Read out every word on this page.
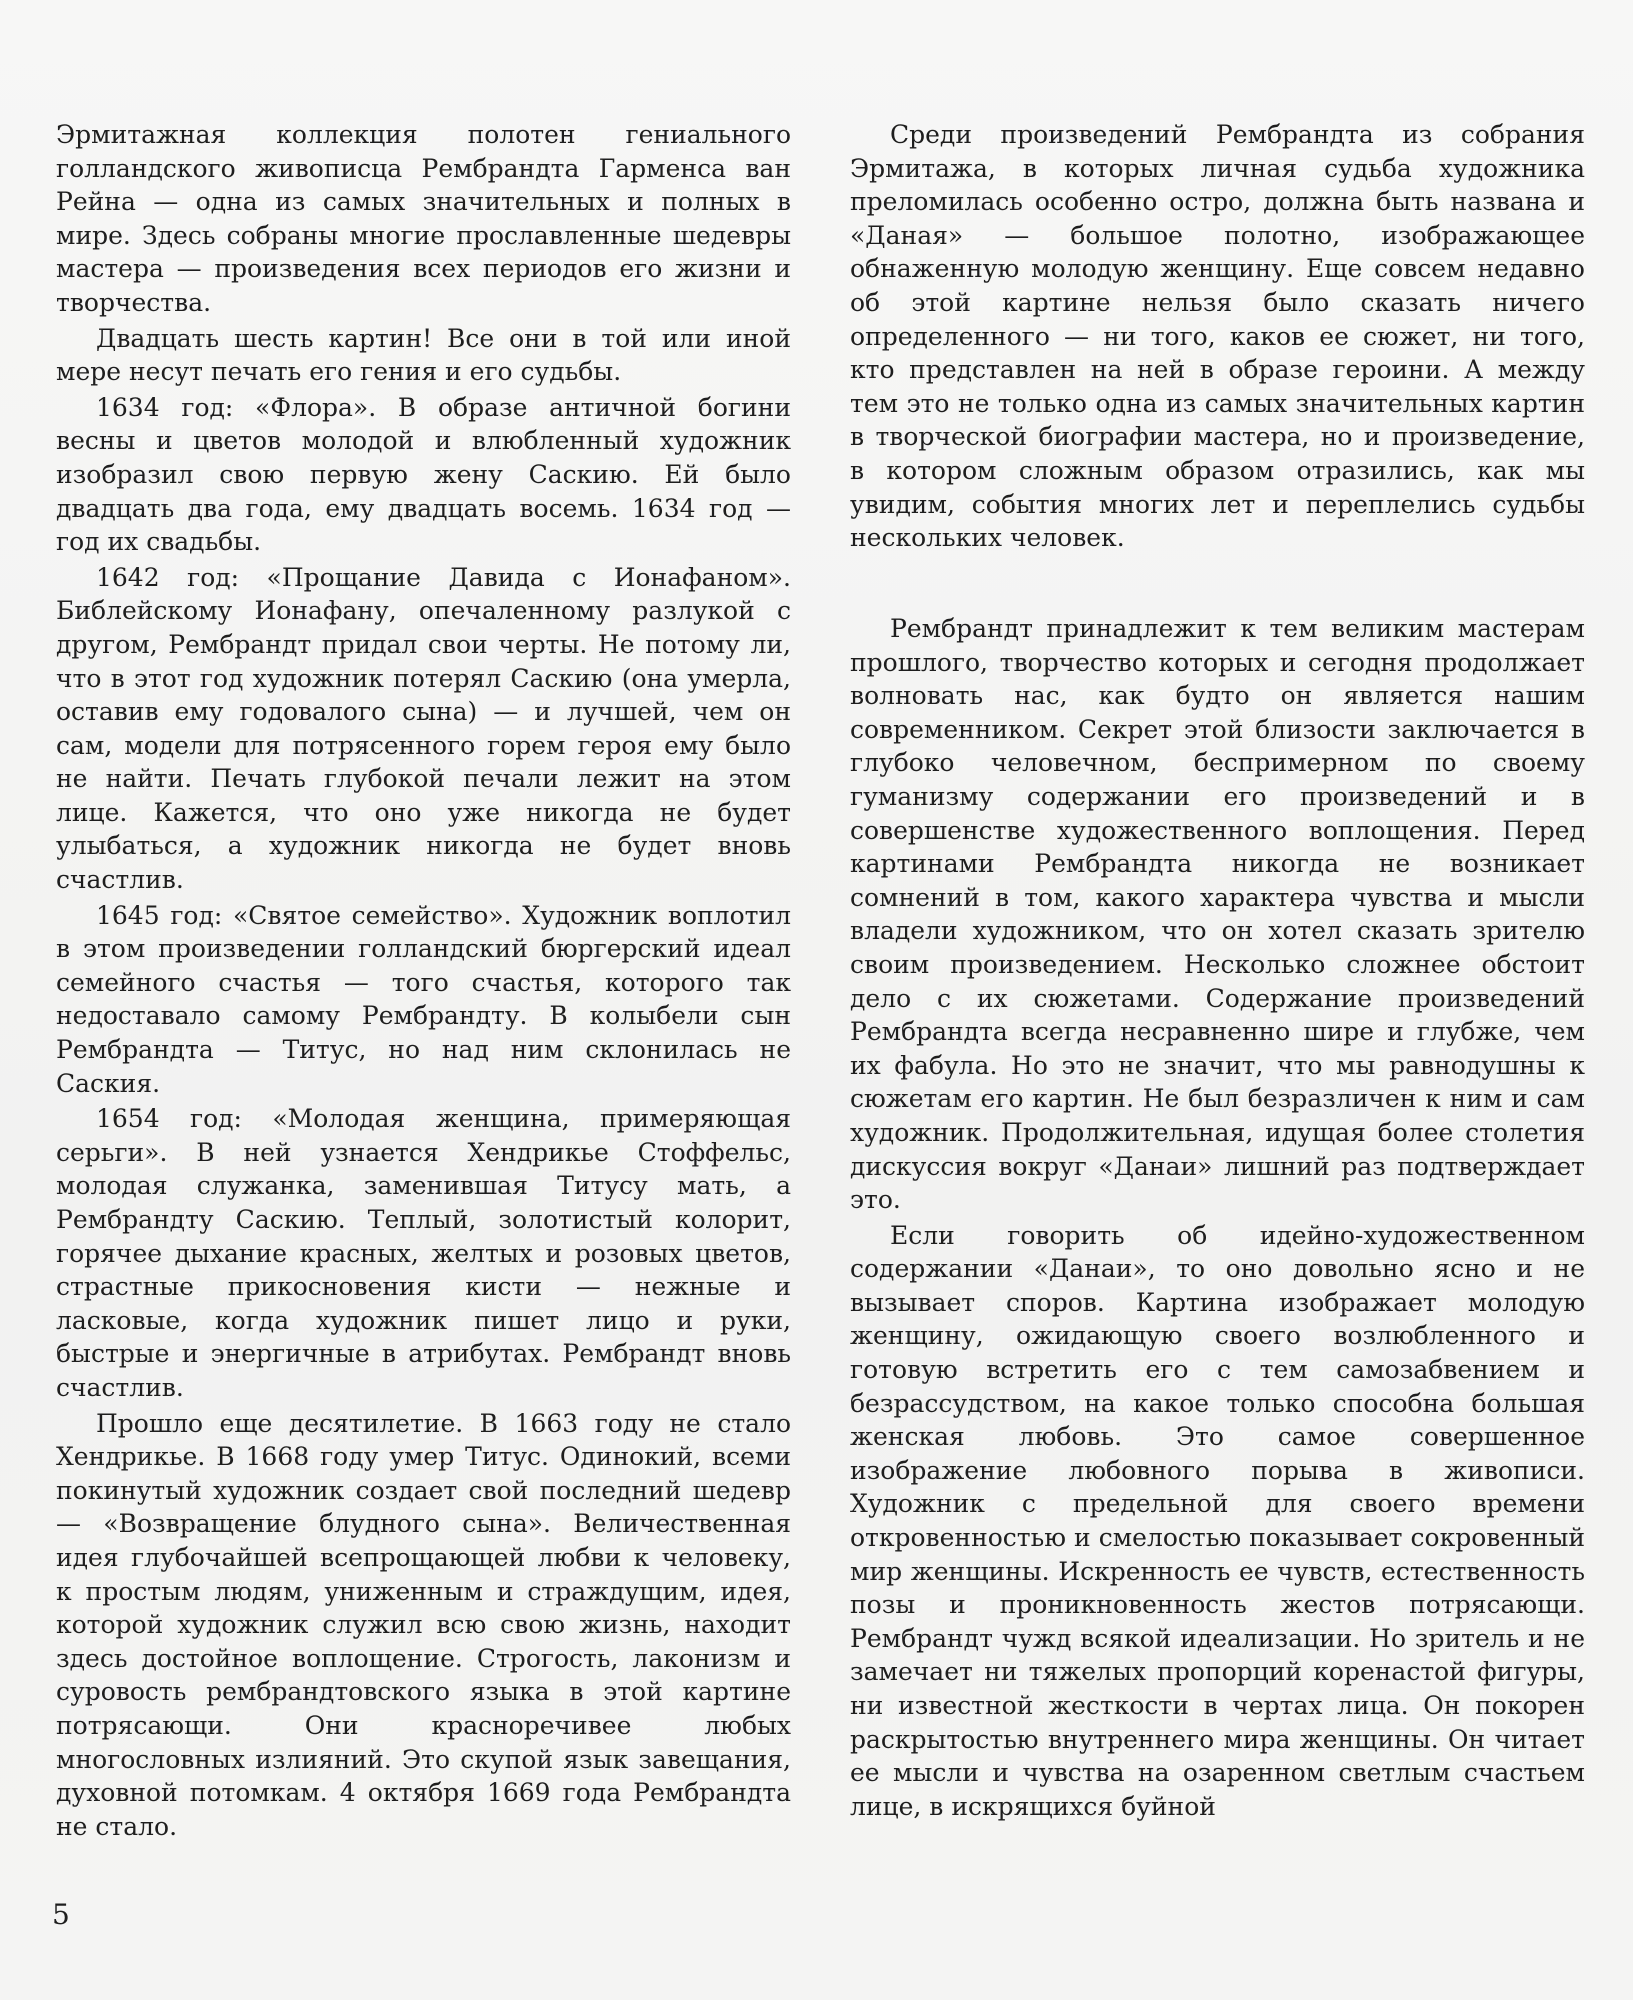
Эрмитажная коллекция полотен гениального голландского живописца Рембрандта Гарменса ван Рейна — одна из самых значительных и полных в мире. Здесь собраны многие прославленные шедевры мастера — произведения всех периодов его жизни и творчества.

Двадцать шесть картин! Все они в той или иной мере несут печать его гения и его судьбы.

1634 год: «Флора». В образе античной богини весны и цветов молодой и влюбленный художник изобразил свою первую жену Саскию. Ей было двадцать два года, ему двадцать восемь. 1634 год — год их свадьбы.

1642 год: «Прощание Давида с Ионафаном». Библейскому Ионафану, опечаленному разлукой с другом, Рембрандт придал свои черты. Не потому ли, что в этот год художник потерял Саскию (она умерла, оставив ему годовалого сына) — и лучшей, чем он сам, модели для потрясенного горем героя ему было не найти. Печать глубокой печали лежит на этом лице. Кажется, что оно уже никогда не будет улыбаться, а художник никогда не будет вновь счастлив.

1645 год: «Святое семейство». Художник воплотил в этом произведении голландский бюргерский идеал семейного счастья — того счастья, которого так недоставало самому Рембрандту. В колыбели сын Рембрандта — Титус, но над ним склонилась не Саския.

1654 год: «Молодая женщина, примеряющая серьги». В ней узнается Хендрикье Стоффельс, молодая служанка, заменившая Титусу мать, а Рембрандту Саскию. Теплый, золотистый колорит, горячее дыхание красных, желтых и розовых цветов, страстные прикосновения кисти — нежные и ласковые, когда художник пишет лицо и руки, быстрые и энергичные в атрибутах. Рембрандт вновь счастлив.

Прошло еще десятилетие. В 1663 году не стало Хендрикье. В 1668 году умер Титус. Одинокий, всеми покинутый художник создает свой последний шедевр — «Возвращение блудного сына». Величественная идея глубочайшей всепрощающей любви к человеку, к простым людям, униженным и страждущим, идея, которой художник служил всю свою жизнь, находит здесь достойное воплощение. Строгость, лаконизм и суровость рембрандтовского языка в этой картине потрясающи. Они красноречивее любых многословных излияний. Это скупой язык завещания, духовной потомкам. 4 октября 1669 года Рембрандта не стало.

Среди произведений Рембрандта из собрания Эрмитажа, в которых личная судьба художника преломилась особенно остро, должна быть названа и «Даная» — большое полотно, изображающее обнаженную молодую женщину. Еще совсем недавно об этой картине нельзя было сказать ничего определенного — ни того, каков ее сюжет, ни того, кто представлен на ней в образе героини. А между тем это не только одна из самых значительных картин в творческой биографии мастера, но и произведение, в котором сложным образом отразились, как мы увидим, события многих лет и переплелись судьбы нескольких человек.

Рембрандт принадлежит к тем великим мастерам прошлого, творчество которых и сегодня продолжает волновать нас, как будто он является нашим современником. Секрет этой близости заключается в глубоко человечном, беспримерном по своему гуманизму содержании его произведений и в совершенстве художественного воплощения. Перед картинами Рембрандта никогда не возникает сомнений в том, какого характера чувства и мысли владели художником, что он хотел сказать зрителю своим произведением. Несколько сложнее обстоит дело с их сюжетами. Содержание произведений Рембрандта всегда несравненно шире и глубже, чем их фабула. Но это не значит, что мы равнодушны к сюжетам его картин. Не был безразличен к ним и сам художник. Продолжительная, идущая более столетия дискуссия вокруг «Данаи» лишний раз подтверждает это.

Если говорить об идейно-художественном содержании «Данаи», то оно довольно ясно и не вызывает споров. Картина изображает молодую женщину, ожидающую своего возлюбленного и готовую встретить его с тем самозабвением и безрассудством, на какое только способна большая женская любовь. Это самое совершенное изображение любовного порыва в живописи. Художник с предельной для своего времени откровенностью и смелостью показывает сокровенный мир женщины. Искренность ее чувств, естественность позы и проникновенность жестов потрясающи. Рембрандт чужд всякой идеализации. Но зритель и не замечает ни тяжелых пропорций коренастой фигуры, ни известной жесткости в чертах лица. Он покорен раскрытостью внутреннего мира женщины. Он читает ее мысли и чувства на озаренном светлым счастьем лице, в искрящихся буйной

5
